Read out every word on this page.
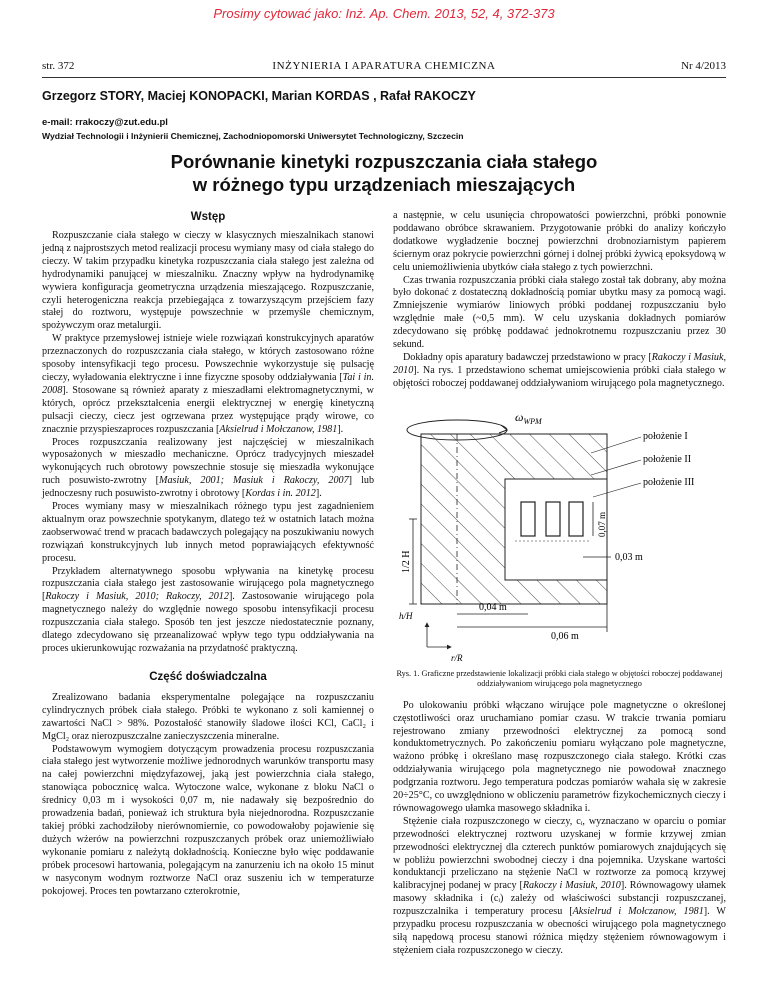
Prosimy cytować jako: Inż. Ap. Chem. 2013, 52, 4, 372-373
str. 372	INŻYNIERIA I APARATURA CHEMICZNA	Nr 4/2013
Grzegorz STORY, Maciej KONOPACKI, Marian KORDAS , Rafał RAKOCZY
e-mail: rrakoczy@zut.edu.pl
Wydział Technologii i Inżynierii Chemicznej, Zachodniopomorski Uniwersytet Technologiczny, Szczecin
Porównanie kinetyki rozpuszczania ciała stałego
w różnego typu urządzeniach mieszających
Wstęp

Rozpuszczanie ciała stałego w cieczy w klasycznych mieszalnikach stanowi jedną z najprostszych metod realizacji procesu wymiany masy od ciała stałego do cieczy. W takim przypadku kinetyka rozpuszczania ciała stałego jest zależna od hydrodynamiki panującej w mieszalniku. Znaczny wpływ na hydrodynamikę wywiera konfiguracja geometryczna urządzenia mieszającego. Rozpuszczanie, czyli heterogeniczna reakcja przebiegająca z towarzyszącym przejściem fazy stałej do roztworu, występuje powszechnie w przemyśle chemicznym, spożywczym oraz metalurgii.

W praktyce przemysłowej istnieje wiele rozwiązań konstrukcyjnych aparatów przeznaczonych do rozpuszczania ciała stałego, w których zastosowano różne sposoby intensyfikacji tego procesu. Powszechnie wykorzystuje się pulsację cieczy, wyładowania elektryczne i inne fizyczne sposoby oddziaływania [Tai i in. 2008]. Stosowane są również aparaty z mieszadłami elektromagnetycznymi, w których, oprócz przekształcenia energii elektrycznej w energię kinetyczną pulsacji cieczy, ciecz jest ogrzewana przez występujące prądy wirowe, co znacznie przyspieszaproces rozpuszczania [Aksielrud i Mołczanow, 1981].

Proces rozpuszczania realizowany jest najczęściej w mieszalnikach wyposażonych w mieszadło mechaniczne. Oprócz tradycyjnych mieszadeł wykonujących ruch obrotowy powszechnie stosuje się mieszadła wykonujące ruch posuwisto-zwrotny [Masiuk, 2001; Masiuk i Rakoczy, 2007] lub jednoczesny ruch posuwisto-zwrotny i obrotowy [Kordas i in. 2012].

Proces wymiany masy w mieszalnikach różnego typu jest zagadnieniem aktualnym oraz powszechnie spotykanym, dlatego też w ostatnich latach można zaobserwować trend w pracach badawczych polegający na poszukiwaniu nowych rozwiązań konstrukcyjnych lub innych metod poprawiających efektywność procesu.

Przykładem alternatywnego sposobu wpływania na kinetykę procesu rozpuszczania ciała stałego jest zastosowanie wirującego pola magnetycznego [Rakoczy i Masiuk, 2010; Rakoczy, 2012]. Zastosowanie wirującego pola magnetycznego należy do względnie nowego sposobu intensyfikacji procesu rozpuszczania ciała stałego. Sposób ten jest jeszcze niedostatecznie poznany, dlatego zdecydowano się przeanalizować wpływ tego typu oddziaływania na proces ukierunkowując rozważania na przydatność praktyczną.

Część doświadczalna

Zrealizowano badania eksperymentalne polegające na rozpuszczaniu cylindrycznych próbek ciała stałego. Próbki te wykonano z soli kamiennej o zawartości NaCl > 98%. Pozostałość stanowiły śladowe ilości KCl, CaCl₂ i MgCl₂ oraz nierozpuszczalne zanieczyszczenia mineralne.

Podstawowym wymogiem dotyczącym prowadzenia procesu rozpuszczania ciała stałego jest wytworzenie możliwe jednorodnych warunków transportu masy na całej powierzchni międzyfazowej, jaką jest powierzchnia ciała stałego, stanowiąca pobocznicę walca. Wytoczone walce, wykonane z bloku NaCl o średnicy 0,03 m i wysokości 0,07 m, nie nadawały się bezpośrednio do prowadzenia badań, ponieważ ich struktura była niejednorodna. Rozpuszczanie takiej próbki zachodziłoby nierównomiernie, co powodowałoby pojawienie się dużych wżerów na powierzchni rozpuszczanych próbek oraz uniemożliwiało wykonanie pomiaru z należytą dokładnością. Konieczne było więc poddawanie próbek procesowi hartowania, polegającym na zanurzeniu ich na około 15 minut w nasyconym wodnym roztworze NaCl oraz suszeniu ich w temperaturze pokojowej. Proces ten powtarzano czterokrotnie,

a następnie, w celu usunięcia chropowatości powierzchni, próbki ponownie poddawano obróbce skrawaniem. Przygotowanie próbki do analizy kończyło dodatkowe wygładzenie bocznej powierzchni drobnoziarnistym papierem ściernym oraz pokrycie powierzchni górnej i dolnej próbki żywicą epoksydową w celu uniemożliwienia ubytków ciała stałego z tych powierzchni.

Czas trwania rozpuszczania próbki ciała stałego został tak dobrany, aby można było dokonać z dostateczną dokładnością pomiar ubytku masy za pomocą wagi. Zmniejszenie wymiarów liniowych próbki poddanej rozpuszczaniu było względnie małe (~0,5 mm). W celu uzyskania dokładnych pomiarów zdecydowano się próbkę poddawać jednokrotnemu rozpuszczaniu przez 30 sekund.

Dokładny opis aparatury badawczej przedstawiono w pracy [Rakoczy i Masiuk, 2010]. Na rys. 1 przedstawiono schemat umiejscowienia próbki ciała stałego w objętości roboczej poddawanej oddziaływaniom wirującego pola magnetycznego.

$\omega_{WPM}$
położenie I
położenie II
położenie III
0,07 m
0,03 m
1/2 H
0,04 m
0,06 m
h/H
r/R
Rys. 1. Graficzne przedstawienie lokalizacji próbki ciała stałego w objętości roboczej poddawanej oddziaływaniom wirującego pola magnetycznego

Po ulokowaniu próbki włączano wirujące pole magnetyczne o określonej częstotliwości oraz uruchamiano pomiar czasu. W trakcie trwania pomiaru rejestrowano zmiany przewodności elektrycznej za pomocą sond konduktometrycznych. Po zakończeniu pomiaru wyłączano pole magnetyczne, ważono próbkę i określano masę rozpuszczonego ciała stałego. Krótki czas oddziaływania wirującego pola magnetycznego nie powodował znacznego podgrzania roztworu. Jego temperatura podczas pomiarów wahała się w zakresie 20÷25°C, co uwzględniono w obliczeniu parametrów fizykochemicznych cieczy i równowagowego ułamka masowego składnika i.

Stężenie ciała rozpuszczonego w cieczy, cᵢ, wyznaczano w oparciu o pomiar przewodności elektrycznej roztworu uzyskanej w formie krzywej zmian przewodności elektrycznej dla czterech punktów pomiarowych znajdujących się w pobliżu powierzchni swobodnej cieczy i dna pojemnika. Uzyskane wartości konduktancji przeliczano na stężenie NaCl w roztworze za pomocą krzywej kalibracyjnej podanej w pracy [Rakoczy i Masiuk, 2010]. Równowagowy ułamek masowy składnika i (cᵢ) zależy od właściwości substancji rozpuszczanej, rozpuszczalnika i temperatury procesu [Aksielrud i Mołczanow, 1981]. W przypadku procesu rozpuszczania w obecności wirującego pola magnetycznego siłą napędową procesu stanowi różnica między stężeniem równowagowym i stężeniem ciała rozpuszczonego w cieczy.
